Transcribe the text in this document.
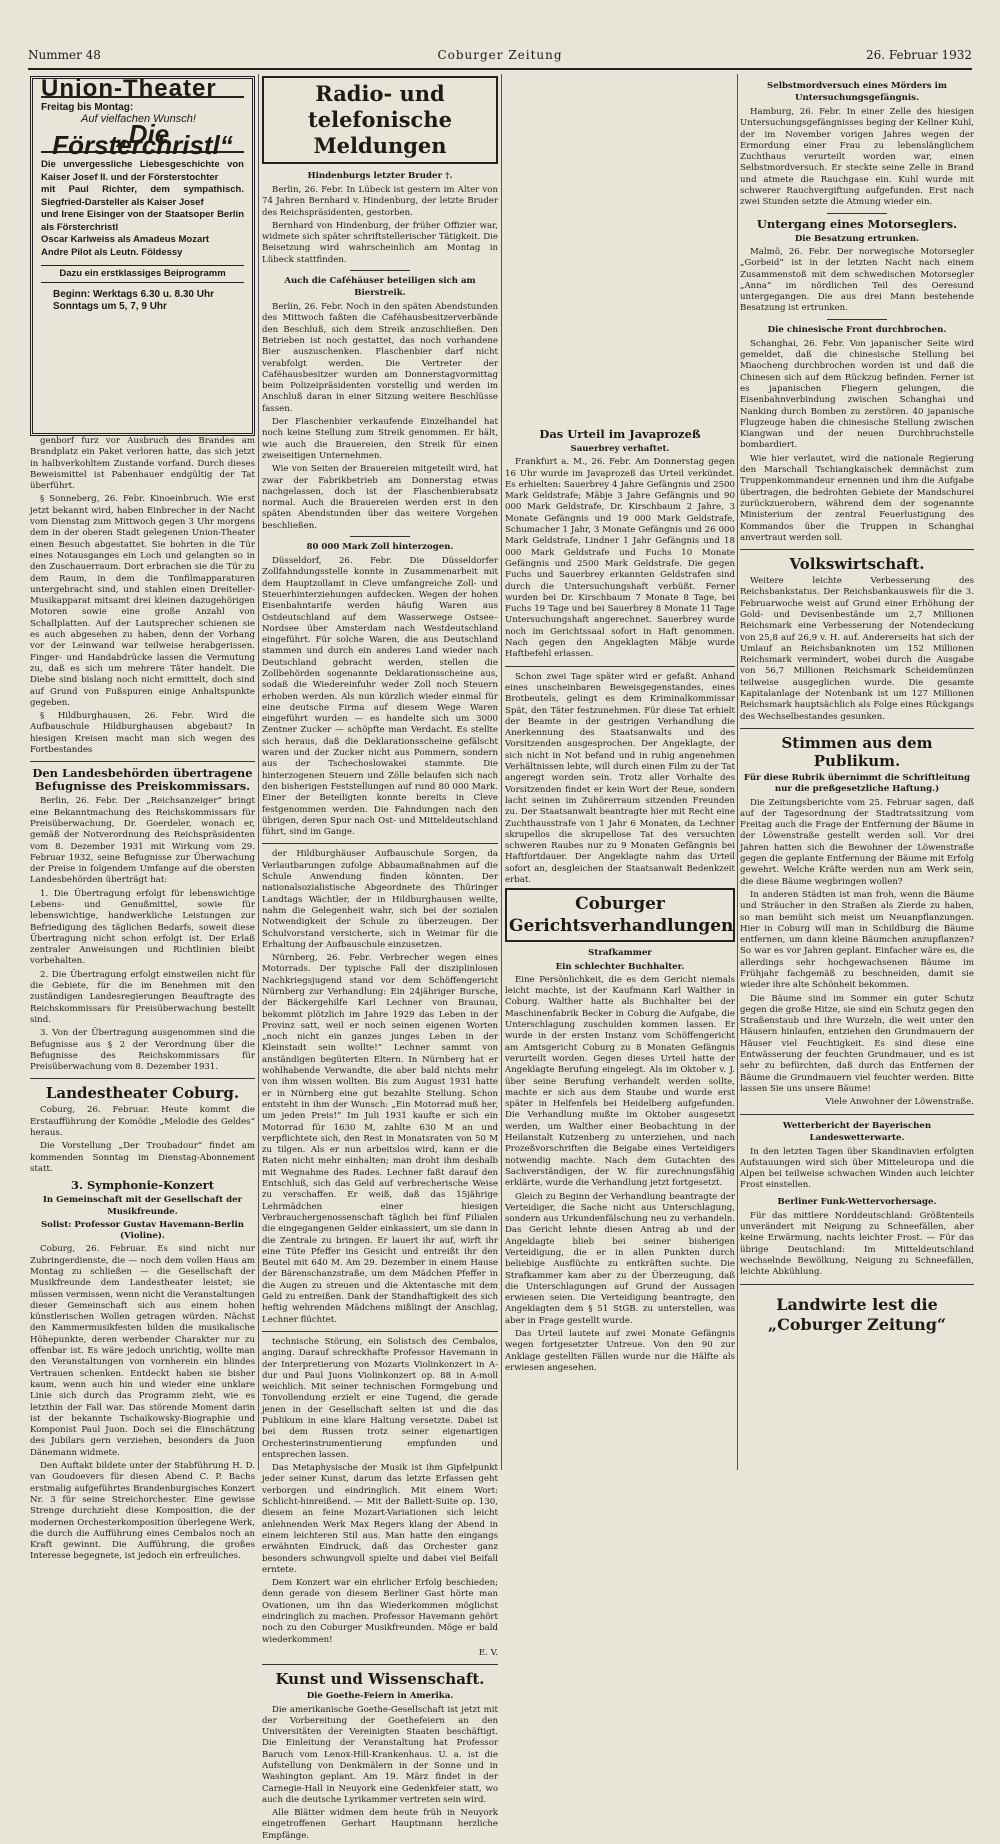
Nummer 48	Coburger Zeitung	26. Februar 1932
Union-Theater
Freitag bis Montag:
Auf vielfachen Wunsch!
„Die Försterchristl“
Die unvergessliche Liebesgeschichte von Kaiser Josef II. und der Försterstochter
mit Paul Richter, dem sympathisch. Siegfried-Darsteller als Kaiser Josef
und Irene Eisinger von der Staatsoper Berlin als Försterchristl
Oscar Karlweiss als Amadeus Mozart
Andre Pilot als Leutn. Földessy
Dazu ein erstklassiges Beiprogramm
Beginn: Werktags 6.30 u. 8.30 Uhr
Sonntags um 5, 7, 9 Uhr

genborf furz vor Ausbruch des Brandes am Brandplatz ein Paket verloren hatte, das sich jetzt in halbverkohltem Zustande vorfand. Durch dieses Beweismittel ist Pabenhauer endgültig der Tat überführt.

§ Sonneberg, 26. Febr. Kinoeinbruch. Wie erst jetzt bekannt wird, haben Einbrecher in der Nacht vom Dienstag zum Mittwoch gegen 3 Uhr morgens dem in der oberen Stadt gelegenen Union-Theater einen Besuch abgestattet. Sie bohrten in die Tür eines Notausganges ein Loch und gelangten so in den Zuschauerraum. Dort erbrachen sie die Tür zu dem Raum, in dem die Tonfilmapparaturen untergebracht sind, und stahlen einen Dreiteller-Musikapparat mitsamt drei kleinen dazugehörigen Motoren sowie eine große Anzahl von Schallplatten. Auf der Lautsprecher schienen sie es auch abgesehen zu haben, denn der Vorhang vor der Leinwand war teilweise herabgerissen. Finger- und Handabdrücke lassen die Vermutung zu, daß es sich um mehrere Täter handelt. Die Diebe sind bislang noch nicht ermittelt, doch sind auf Grund von Fußspuren einige Anhaltspunkte gegeben.

§ Hildburghausen, 26. Febr. Wird die Aufbauschule Hildburghausen abgebaut? In hiesigen Kreisen macht man sich wegen des Fortbestandes

Den Landesbehörden übertragene Befugnisse des Preiskommissars.

Berlin, 26. Febr. Der „Reichsanzeiger“ bringt eine Bekanntmachung des Reichskommissars für Preisüberwachung, Dr. Goerdeler, wonach er, gemäß der Notverordnung des Reichspräsidenten vom 8. Dezember 1931 mit Wirkung vom 29. Februar 1932, seine Befugnisse zur Überwachung der Preise in folgendem Umfange auf die obersten Landesbehörden überträgt hat:

1. Die Übertragung erfolgt für lebenswichtige Lebens- und Genußmittel, sowie für lebenswichtige, handwerkliche Leistungen zur Befriedigung des täglichen Bedarfs, soweit diese Übertragung nicht schon erfolgt ist. Der Erlaß zentraler Anweisungen und Richtlinien bleibt vorbehalten.

2. Die Übertragung erfolgt einstweilen nicht für die Gebiete, für die im Benehmen mit den zuständigen Landesregierungen Beauftragte des Reichskommissars für Preisüberwachung bestellt sind.

3. Von der Übertragung ausgenommen sind die Befugnisse aus § 2 der Verordnung über die Befugnisse des Reichskommissars für Preisüberwachung vom 8. Dezember 1931.

Landestheater Coburg.

Coburg, 26. Februar. Heute kommt die Erstaufführung der Komödie „Melodie des Geldes“ heraus.

Die Vorstellung „Der Troubadour“ findet am kommenden Sonntag im Dienstag-Abonnement statt.

3. Symphonie-Konzert
In Gemeinschaft mit der Gesellschaft der Musikfreunde.
Solist: Professor Gustav Havemann-Berlin (Violine).

Coburg, 26. Februar. Es sind nicht nur Zubringerdienste, die — noch dem vollen Haus am Montag zu schließen — die Gesellschaft der Musikfreunde dem Landestheater leistet; sie müssen vermissen, wenn nicht die Veranstaltungen dieser Gemeinschaft sich aus einem hohen künstlerischen Wollen getragen würden. Nächst den Kammermusikfesten bilden die musikalische Höhepunkte, deren werbender Charakter nur zu offenbar ist. Es wäre jedoch unrichtig, wollte man den Veranstaltungen von vornherein ein blindes Vertrauen schenken. Entdeckt haben sie bisher kaum, wenn auch hin und wieder eine unklare Linie sich durch das Programm zieht, wie es letzthin der Fall war. Das störende Moment darin ist der bekannte Tschaikowsky-Biographie und Komponist Paul Juon. Doch sei die Einschätzung des Jubilars gern verziehen, besonders da Juon Dänemann widmete.

Den Auftakt bildete unter der Stabführung H. D. van Goudoevers für diesen Abend C. P. Bachs erstmalig aufgeführtes Brandenburgisches Konzert Nr. 3 für seine Streichorchester. Eine gewisse Strenge durchzieht diese Komposition, die der modernen Orchesterkomposition überlegene Werk, die durch die Aufführung eines Cembalos noch an Kraft gewinnt. Die Aufführung, die großes Interesse begegnete, ist jedoch ein erfreuliches.

Radio- und telefonische Meldungen
Hindenburgs letzter Bruder †.

Berlin, 26. Febr. In Lübeck ist gestern im Alter von 74 Jahren Bernhard v. Hindenburg, der letzte Bruder des Reichspräsidenten, gestorben.

Bernhard von Hindenburg, der früher Offizier war, widmete sich später schriftstellerischer Tätigkeit. Die Beisetzung wird wahrscheinlich am Montag in Lübeck stattfinden.

Auch die Caféhäuser beteiligen sich am Bierstreik.

Berlin, 26. Febr. Noch in den späten Abendstunden des Mittwoch faßten die Caféhausbesitzerverbände den Beschluß, sich dem Streik anzuschließen. Den Betrieben ist noch gestattet, das noch vorhandene Bier auszuschenken. Flaschenbier darf nicht verabfolgt werden. Die Vertreter der Caféhausbesitzer wurden am Donnerstagvormittag beim Polizeipräsidenten vorstellig und werden im Anschluß daran in einer Sitzung weitere Beschlüsse fassen.

Der Flaschenbier verkaufende Einzelhandel hat noch keine Stellung zum Streik genommen. Er hält, wie auch die Brauereien, den Streik für einen zweiseitigen Unternehmen.

Wie von Seiten der Brauereien mitgeteilt wird, hat zwar der Fabrikbetrieb am Donnerstag etwas nachgelassen, doch ist der Flaschenbierabsatz normal. Auch die Brauereien werden erst in den späten Abendstunden über das weitere Vorgehen beschließen.

80 000 Mark Zoll hinterzogen.

Düsseldorf, 26. Febr. Die Düsseldorfer Zollfahndungsstelle konnte in Zusammenarbeit mit dem Hauptzollamt in Cleve umfangreiche Zoll- und Steuerhinterziehungen aufdecken. Wegen der hohen Eisenbahntarife werden häufig Waren aus Ostdeutschland auf dem Wasserwege Ostsee–Nordsee über Amsterdam nach Westdeutschland eingeführt. Für solche Waren, die aus Deutschland stammen und durch ein anderes Land wieder nach Deutschland gebracht werden, stellen die Zollbehörden sogenannte Deklarationsscheine aus, sodaß die Wiedereinfuhr weder Zoll noch Steuern erhoben werden. Als nun kürzlich wieder einmal für eine deutsche Firma auf diesem Wege Waren eingeführt wurden — es handelte sich um 3000 Zentner Zucker — schöpfte man Verdacht. Es stellte sich heraus, daß die Deklarationsscheine gefälscht waren und der Zucker nicht aus Pommern, sondern aus der Tschechoslowakei stammte. Die hinterzogenen Steuern und Zölle belaufen sich nach den bisherigen Feststellungen auf rund 80 000 Mark. Einer der Beteiligten konnte bereits in Cleve festgenommen werden. Die Fahndungen nach den übrigen, deren Spur nach Ost- und Mitteldeutschland führt, sind im Gange.

der Hildburghäuser Aufbauschule Sorgen, da Verlautbarungen zufolge Abbaumaßnahmen auf die Schule Anwendung finden könnten. Der nationalsozialistische Abgeordnete des Thüringer Landtags Wächtler, der in Hildburghausen weilte, nahm die Gelegenheit wahr, sich bei der sozialen Notwendigkeit der Schule zu überzeugen. Der Schulvorstand versicherte, sich in Weimar für die Erhaltung der Aufbauschule einzusetzen.

Nürnberg, 26. Febr. Verbrecher wegen eines Motorrads. Der typische Fall der disziplinlosen Nachkriegsjugend stand vor dem Schöffengericht Nürnberg zur Verhandlung: Ein 24jähriger Bursche, der Bäckergehilfe Karl Lechner von Braunau, bekommt plötzlich im Jahre 1929 das Leben in der Provinz satt, weil er noch seinen eigenen Worten „noch nicht ein ganzes junges Leben in der Kleinstadt sein wollte!“ Lechner sammt von anständigen begüterten Eltern. In Nürnberg hat er wohlhabende Verwandte, die aber bald nichts mehr von ihm wissen wollten. Bis zum August 1931 hatte er in Nürnberg eine gut bezahlte Stellung. Schon entsteht in ihm der Wunsch: „Ein Motorrad muß her, um jeden Preis!“ Im Juli 1931 kaufte er sich ein Motorrad für 1630 M, zahlte 630 M an und verpflichtete sich, den Rest in Monatsraten von 50 M zu tilgen. Als er nun arbeitslos wird, kann er die Raten nicht mehr einhalten; man droht ihm deshalb mit Wegnahme des Rades. Lechner faßt darauf den Entschluß, sich das Geld auf verbrecherische Weise zu verschaffen. Er weiß, daß das 15jährige Lehrmädchen einer hiesigen Verbrauchergenossenschaft täglich bei fünf Filialen die eingegangenen Gelder einkassiert, um sie dann in die Zentrale zu bringen. Er lauert ihr auf, wirft ihr eine Tüte Pfeffer ins Gesicht und entreißt ihr den Beutel mit 640 M. Am 29. Dezember in einem Hause der Bärenschanzstraße, um dem Mädchen Pfeffer in die Augen zu streuen und die Aktentasche mit dem Geld zu entreißen. Dank der Standhaftigkeit des sich heftig wehrenden Mädchens mißlingt der Anschlag, Lechner flüchtet.

technische Störung, ein Solistsch des Cembalos, anging. Darauf schreckhafte Professor Havemann in der Interpretierung von Mozarts Violinkonzert in A-dur und Paul Juons Violinkonzert op. 88 in A-moll weichlich. Mit seiner technischen Formgebung und Tonvollendung erzielt er eine Tugend, die gerade jenen in der Gesellschaft selten ist und die das Publikum in eine klare Haltung versetzte. Dabei ist bei dem Russen trotz seiner eigenartigen Orchesterinstrumentierung empfunden und entsprechen lassen.

Das Metaphysische der Musik ist ihm Gipfelpunkt jeder seiner Kunst, darum das letzte Erfassen geht verborgen und eindringlich. Mit einem Wort: Schlicht-hinreißend. — Mit der Ballett-Suite op. 130, diesem an feine Mozart-Variationen sich leicht anlehnenden Werk Max Regers klang der Abend in einem leichteren Stil aus. Man hatte den eingangs erwähnten Eindruck, daß das Orchester ganz besonders schwungvoll spielte und dabei viel Beifall erntete.

Dem Konzert war ein ehrlicher Erfolg beschieden; denn gerade von diesem Berliner Gast hörte man Ovationen, um ihn das Wiederkommen möglichst eindringlich zu machen. Professor Havemann gehört noch zu den Coburger Musikfreunden. Möge er bald wiederkommen!

E. V.
Kunst und Wissenschaft.
Die Goethe-Feiern in Amerika.

Die amerikanische Goethe-Gesellschaft ist jetzt mit der Vorbereitung der Goethefeiern an den Universitäten der Vereinigten Staaten beschäftigt. Die Einleitung der Veranstaltung hat Professor Baruch vom Lenox-Hill-Krankenhaus. U. a. ist die Aufstellung von Denkmälern in der Sonne und in Washington geplant. Am 19. März findet in der Carnegie-Hall in Neuyork eine Gedenkfeier statt, wo auch die deutsche Lyrikammer vertreten sein wird.

Alle Blätter widmen dem heute früh in Neuyork eingetroffenen Gerhart Hauptmann herzliche Empfänge.

Das Urteil im Javaprozeß
Sauerbrey verhaftet.

Frankfurt a. M., 26. Febr. Am Donnerstag gegen 16 Uhr wurde im Javaprozeß das Urteil verkündet. Es erhielten: Sauerbrey 4 Jahre Gefängnis und 2500 Mark Geldstrafe; Mäbje 3 Jahre Gefängnis und 90 000 Mark Geldstrafe, Dr. Kirschbaum 2 Jahre, 3 Monate Gefängnis und 19 000 Mark Geldstrafe, Schumacher 1 Jahr, 3 Monate Gefängnis und 26 000 Mark Geldstrafe, Lindner 1 Jahr Gefängnis und 18 000 Mark Geldstrafe und Fuchs 10 Monate Gefängnis und 2500 Mark Geldstrafe. Die gegen Fuchs und Sauerbrey erkannten Geldstrafen sind durch die Untersuchungshaft verbüßt. Ferner wurden bei Dr. Kirschbaum 7 Monate 8 Tage, bei Fuchs 19 Tage und bei Sauerbrey 8 Monate 11 Tage Untersuchungshaft angerechnet. Sauerbrey wurde noch im Gerichtssaal sofort in Haft genommen. Nach gegen den Angeklagten Mäbje wurde Haftbefehl erlassen.

Schon zwei Tage später wird er gefaßt. Anhand eines unscheinbaren Beweisgegenstandes, eines Brotbeutels, gelingt es dem Kriminalkommissar Spät, den Täter festzunehmen. Für diese Tat erhielt der Beamte in der gestrigen Verhandlung die Anerkennung des Staatsanwalts und des Vorsitzenden ausgesprochen. Der Angeklagte, der sich nicht in Not befand und in ruhig angenehmen Verhältnissen lebte, will durch einen Film zu der Tat angeregt worden sein. Trotz aller Vorhalte des Vorsitzenden findet er kein Wort der Reue, sondern lacht seinen im Zuhörerraum sitzenden Freunden zu. Der Staatsanwalt beantragte hier mit Recht eine Zuchthausstrafe von 1 Jahr 6 Monaten, da Lechner skrupellos die skrupellose Tat des versuchten schweren Raubes nur zu 9 Monaten Gefängnis bei Haftfortdauer. Der Angeklagte nahm das Urteil sofort an, desgleichen der Staatsanwalt Bedenkzeit erbat.

Coburger Gerichtsverhandlungen
Strafkammer
Ein schlechter Buchhalter.

Eine Persönlichkeit, die es dem Gericht niemals leicht machte, ist der Kaufmann Karl Walther in Coburg. Walther hatte als Buchhalter bei der Maschinenfabrik Becker in Coburg die Aufgabe, die Unterschlagung zuschulden kommen lassen. Er wurde in der ersten Instanz vom Schöffengericht am Amtsgericht Coburg zu 8 Monaten Gefängnis verurteilt worden. Gegen dieses Urteil hatte der Angeklagte Berufung eingelegt. Als im Oktober v. J. über seine Berufung verhandelt werden sollte, machte er sich aus dem Staube und wurde erst später in Helfenfels bei Heidelberg aufgefunden. Die Verhandlung mußte im Oktober ausgesetzt werden, um Walther einer Beobachtung in der Heilanstalt Kutzenberg zu unterziehen, und nach Prozeßvorschriften die Beigabe eines Verteidigers notwendig machte. Nach dem Gutachten des Sachverständigen, der W. für zurechnungsfähig erklärte, wurde die Verhandlung jetzt fortgesetzt.

Gleich zu Beginn der Verhandlung beantragte der Verteidiger, die Sache nicht aus Unterschlagung, sondern aus Urkundenfälschung neu zu verhandeln. Das Gericht lehnte diesen Antrag ab und der Angeklagte blieb bei seiner bisherigen Verteidigung, die er in allen Punkten durch beliebige Ausflüchte zu entkräften suchte. Die Strafkammer kam aber zu der Überzeugung, daß die Unterschlagungen auf Grund der Aussagen erwiesen seien. Die Verteidigung beantragte, den Angeklagten dem § 51 StGB. zu unterstellen, was aber in Frage gestellt wurde.

Das Urteil lautete auf zwei Monate Gefängnis wegen fortgesetzter Untreue. Von den 90 zur Anklage gestellten Fällen wurde nur die Hälfte als erwiesen angesehen.

Selbstmordversuch eines Mörders im Untersuchungsgefängnis.

Hamburg, 26. Febr. In einer Zelle des hiesigen Untersuchungsgefängnisses beging der Kellner Kuhl, der im November vorigen Jahres wegen der Ermordung einer Frau zu lebenslänglichem Zuchthaus verurteilt worden war, einen Selbstmordversuch. Er steckte seine Zelle in Brand und atmete die Rauchgase ein. Kuhl wurde mit schwerer Rauchvergiftung aufgefunden. Erst nach zwei Stunden setzte die Atmung wieder ein.

Untergang eines Motorseglers.
Die Besatzung ertrunken.

Malmö, 26. Febr. Der norwegische Motorsegler „Gorbeid“ ist in der letzten Nacht nach einem Zusammenstoß mit dem schwedischen Motorsegler „Anna“ im nördlichen Teil des Oeresund untergegangen. Die aus drei Mann bestehende Besatzung ist ertrunken.

Die chinesische Front durchbrochen.

Schanghai, 26. Febr. Von japanischer Seite wird gemeldet, daß die chinesische Stellung bei Miaocheng durchbrochen worden ist und daß die Chinesen sich auf dem Rückzug befinden. Ferner ist es japanischen Fliegern gelungen, die Eisenbahnverbindung zwischen Schanghai und Nanking durch Bomben zu zerstören. 40 japanische Flugzeuge haben die chinesische Stellung zwischen Kiangwan und der neuen Durchbruchstelle bombardiert.

Wie hier verlautet, wird die nationale Regierung den Marschall Tschiangkaischek demnächst zum Truppenkommandeur ernennen und ihm die Aufgabe übertragen, die bedrohten Gebiete der Mandschurei zurückzuerobern, während dem der sogenannte Ministerium der zentral Feuerlustigung des Kommandos über die Truppen in Schanghai anvertraut werden soll.

Volkswirtschaft.

Weitere leichte Verbesserung des Reichsbankstatus. Der Reichsbankausweis für die 3. Februarwoche weist auf Grund einer Erhöhung der Gold- und Devisenbestände um 2,7 Millionen Reichsmark eine Verbesserung der Notendeckung von 25,8 auf 26,9 v. H. auf. Andererseits hat sich der Umlauf an Reichsbanknoten um 152 Millionen Reichsmark vermindert, wobei durch die Ausgabe von 56,7 Millionen Reichsmark Scheidemünzen teilweise ausgeglichen wurde. Die gesamte Kapitalanlage der Notenbank ist um 127 Millionen Reichsmark hauptsächlich als Folge eines Rückgangs des Wechselbestandes gesunken.

Stimmen aus dem Publikum.
Für diese Rubrik übernimmt die Schriftleitung nur die preßgesetzliche Haftung.)

Die Zeitungsberichte vom 25. Februar sagen, daß auf der Tagesordnung der Stadtratssitzung vom Freitag auch die Frage der Entfernung der Bäume in der Löwenstraße gestellt werden soll. Vor drei Jahren hatten sich die Bewohner der Löwenstraße gegen die geplante Entfernung der Bäume mit Erfolg gewehrt. Welche Kräfte werden nun am Werk sein, die diese Bäume wegbringen wollen?

In anderen Städten ist man froh, wenn die Bäume und Sträucher in den Straßen als Zierde zu haben, so man bemüht sich meist um Neuanpflanzungen. Hier in Coburg will man in Schildburg die Bäume entfernen, um dann kleine Bäumchen anzupflanzen? So war es vor Jahren geplant. Einfacher wäre es, die allerdings sehr hochgewachsenen Bäume im Frühjahr fachgemäß zu beschneiden, damit sie wieder ihre alte Schönheit bekommen.

Die Bäume sind im Sommer ein guter Schutz gegen die große Hitze, sie sind ein Schutz gegen den Straßenstaub und ihre Wurzeln, die weit unter den Häusern hinlaufen, entziehen den Grundmauern der Häuser viel Feuchtigkeit. Es sind diese eine Entwässerung der feuchten Grundmauer, und es ist sehr zu befürchten, daß durch das Entfernen der Bäume die Grundmauern viel feuchter werden. Bitte lassen Sie uns unsere Bäume!

Viele Anwohner der Löwenstraße.
Wetterbericht der Bayerischen Landeswetterwarte.

In den letzten Tagen über Skandinavien erfolgten Aufstauungen wird sich über Mitteleuropa und die Alpen bei teilweise schwachen Winden auch leichter Frost einstellen.

Berliner Funk-Wettervorhersage.

Für das mittlere Norddeutschland: Größtenteils unverändert mit Neigung zu Schneefällen, aber keine Erwärmung, nachts leichter Frost. — Für das übrige Deutschland: Im Mitteldeutschland wechselnde Bewölkung, Neigung zu Schneefällen, leichte Abkühlung.

Landwirte lest die „Coburger Zeitung“
